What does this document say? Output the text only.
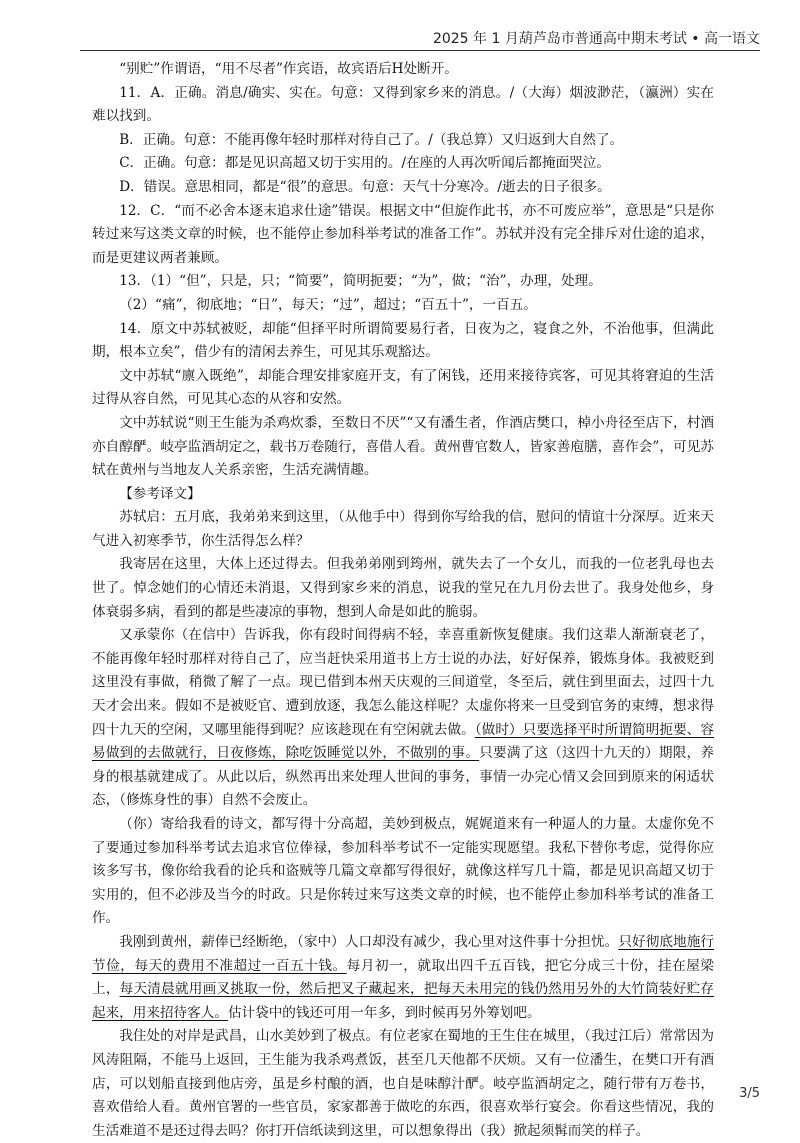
2025 年 1 月葫芦岛市普通高中期末考试 • 高一语文

“别贮”作谓语，“用不尽者”作宾语，故宾语后H处断开。

11．A．正确。消息/确实、实在。句意：又得到家乡来的消息。/（大海）烟波渺茫，（瀛洲）实在难以找到。

B．正确。句意：不能再像年轻时那样对待自己了。/（我总算）又归返到大自然了。

C．正确。句意：都是见识高超又切于实用的。/在座的人再次听闻后都掩面哭泣。

D．错误。意思相同，都是“很”的意思。句意：天气十分寒冷。/逝去的日子很多。

12．C．“而不必舍本逐末追求仕途”错误。根据文中“但旋作此书，亦不可废应举”，意思是“只是你转过来写这类文章的时候，也不能停止参加科举考试的准备工作”。苏轼并没有完全排斥对仕途的追求，而是更建议两者兼顾。

13．（1）“但”，只是，只；“简要”，简明扼要；“为”，做；“治”，办理，处理。

（2）“痛”，彻底地；“日”，每天；“过”，超过；“百五十”，一百五。

14．原文中苏轼被贬，却能“但择平时所谓简要易行者，日夜为之，寝食之外，不治他事，但满此期，根本立矣”，借少有的清闲去养生，可见其乐观豁达。

文中苏轼“廪入既绝”，却能合理安排家庭开支，有了闲钱，还用来接待宾客，可见其将窘迫的生活过得从容自然，可见其心态的从容和安然。

文中苏轼说“则王生能为杀鸡炊黍，至数日不厌”“又有潘生者，作酒店樊口，棹小舟径至店下，村酒亦自醇酽。岐亭监酒胡定之，载书万卷随行，喜借人看。黄州曹官数人，皆家善庖膳，喜作会”，可见苏轼在黄州与当地友人关系亲密，生活充满情趣。

【参考译文】

苏轼启：五月底，我弟弟来到这里，（从他手中）得到你写给我的信，慰问的情谊十分深厚。近来天气进入初寒季节，你生活得怎么样？

我寄居在这里，大体上还过得去。但我弟弟刚到筠州，就失去了一个女儿，而我的一位老乳母也去世了。悼念她们的心情还未消退，又得到家乡来的消息，说我的堂兄在九月份去世了。我身处他乡，身体衰弱多病，看到的都是些凄凉的事物，想到人命是如此的脆弱。

又承蒙你（在信中）告诉我，你有段时间得病不轻，幸喜重新恢复健康。我们这辈人渐渐衰老了，不能再像年轻时那样对待自己了，应当赶快采用道书上方士说的办法，好好保养，锻炼身体。我被贬到这里没有事做，稍微了解了一点。现已借到本州天庆观的三间道堂，冬至后，就住到里面去，过四十九天才会出来。假如不是被贬官、遭到放逐，我怎么能这样呢？太虚你将来一旦受到官务的束缚，想求得四十九天的空闲，又哪里能得到呢？应该趁现在有空闲就去做。（做时）只要选择平时所谓简明扼要、容易做到的去做就行，日夜修炼，除吃饭睡觉以外，不做别的事。只要满了这（这四十九天的）期限，养身的根基就建成了。从此以后，纵然再出来处理人世间的事务，事情一办完心情又会回到原来的闲适状态，（修炼身性的事）自然不会废止。

（你）寄给我看的诗文，都写得十分高超，美妙到极点，娓娓道来有一种逼人的力量。太虚你免不了要通过参加科举考试去追求官位俸禄，参加科举考试不一定能实现愿望。我私下替你考虑，觉得你应该多写书，像你给我看的论兵和盗贼等几篇文章都写得很好，就像这样写几十篇，都是见识高超又切于实用的，但不必涉及当今的时政。只是你转过来写这类文章的时候，也不能停止参加科举考试的准备工作。

我刚到黄州，薪俸已经断绝，（家中）人口却没有减少，我心里对这件事十分担忧。只好彻底地施行节俭，每天的费用不准超过一百五十钱。每月初一，就取出四千五百钱，把它分成三十份，挂在屋梁上，每天清晨就用画叉挑取一份，然后把叉子藏起来，把每天未用完的钱仍然用另外的大竹筒装好贮存起来，用来招待客人。估计袋中的钱还可用一年多，到时候再另外筹划吧。

我住处的对岸是武昌，山水美妙到了极点。有位老家在蜀地的王生住在城里，（我过江后）常常因为风涛阻隔，不能马上返回，王生能为我杀鸡煮饭，甚至几天他都不厌烦。又有一位潘生，在樊口开有酒店，可以划船直接到他店旁，虽是乡村酿的酒，也自是味醇汁酽。岐亭监酒胡定之，随行带有万卷书，喜欢借给人看。黄州官署的一些官员，家家都善于做吃的东西，很喜欢举行宴会。你看这些情况，我的生活难道不是还过得去吗？你打开信纸读到这里，可以想象得出（我）掀起须髯而笑的样子。

3/5
